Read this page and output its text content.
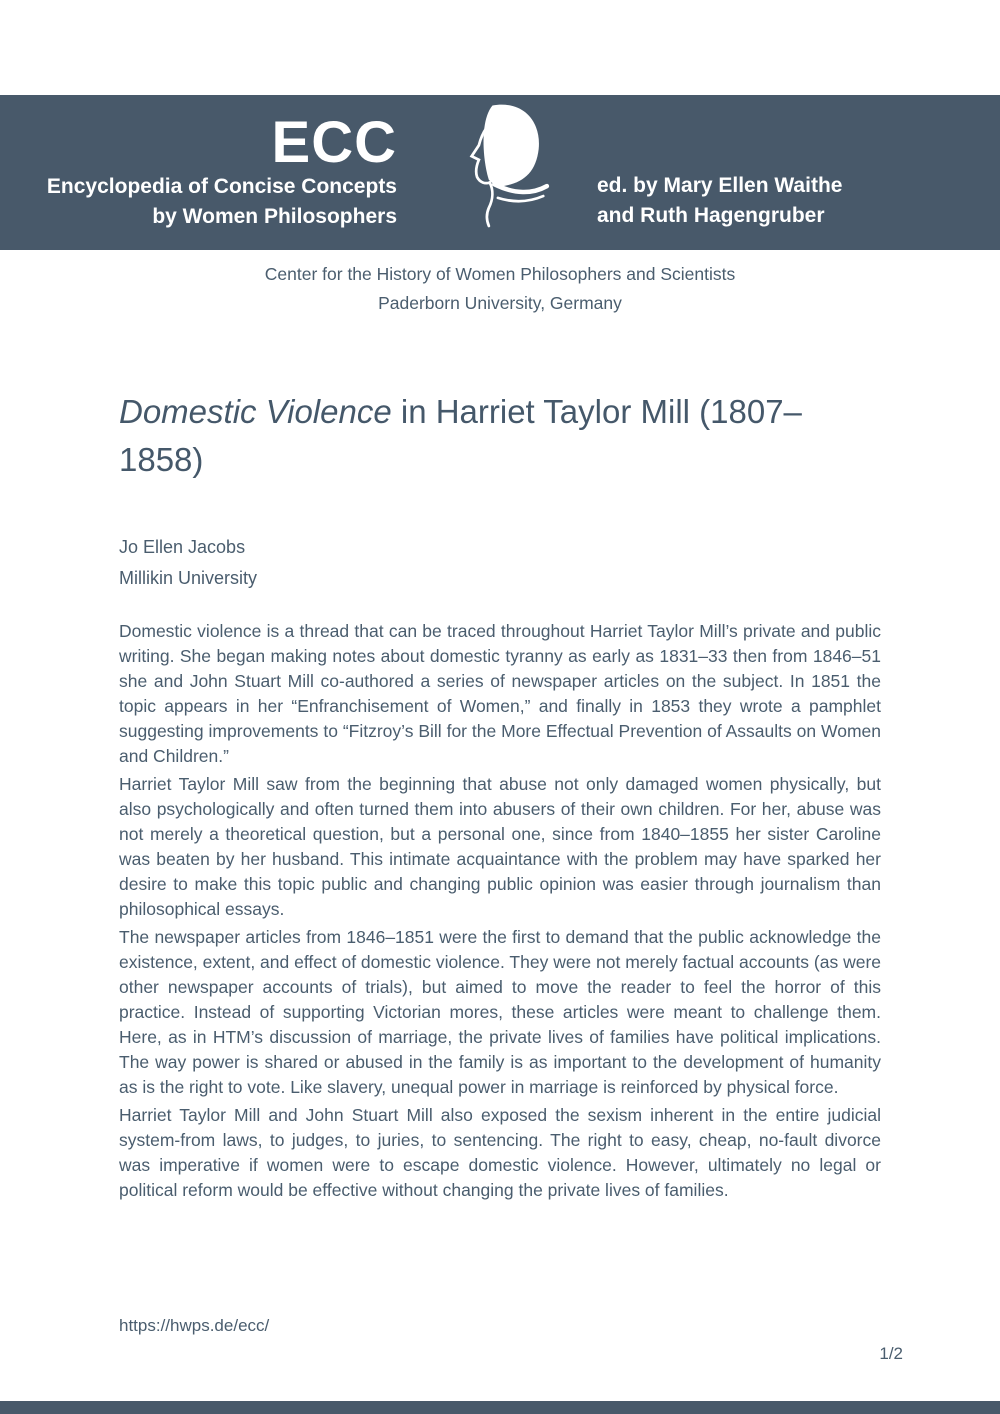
ECC
Encyclopedia of Concise Concepts
by Women Philosophers
ed. by Mary Ellen Waithe
and Ruth Hagengruber
Center for the History of Women Philosophers and Scientists
Paderborn University, Germany
Domestic Violence in Harriet Taylor Mill (1807–1858)
Jo Ellen Jacobs
Millikin University

Domestic violence is a thread that can be traced throughout Harriet Taylor Mill’s private and public writing. She began making notes about domestic tyranny as early as 1831–33 then from 1846–51 she and John Stuart Mill co-authored a series of newspaper articles on the subject. In 1851 the topic appears in her “Enfranchisement of Women,” and finally in 1853 they wrote a pamphlet suggesting improvements to “Fitzroy’s Bill for the More Effectual Prevention of Assaults on Women and Children.”

Harriet Taylor Mill saw from the beginning that abuse not only damaged women physically, but also psychologically and often turned them into abusers of their own children. For her, abuse was not merely a theoretical question, but a personal one, since from 1840–1855 her sister Caroline was beaten by her husband. This intimate acquaintance with the problem may have sparked her desire to make this topic public and changing public opinion was easier through journalism than philosophical essays.

The newspaper articles from 1846–1851 were the first to demand that the public acknowledge the existence, extent, and effect of domestic violence. They were not merely factual accounts (as were other newspaper accounts of trials), but aimed to move the reader to feel the horror of this practice. Instead of supporting Victorian mores, these articles were meant to challenge them. Here, as in HTM’s discussion of marriage, the private lives of families have political implications. The way power is shared or abused in the family is as important to the development of humanity as is the right to vote. Like slavery, unequal power in marriage is reinforced by physical force.

Harriet Taylor Mill and John Stuart Mill also exposed the sexism inherent in the entire judicial system-from laws, to judges, to juries, to sentencing. The right to easy, cheap, no-fault divorce was imperative if women were to escape domestic violence. However, ultimately no legal or political reform would be effective without changing the private lives of families.

https://hwps.de/ecc/
1/2
